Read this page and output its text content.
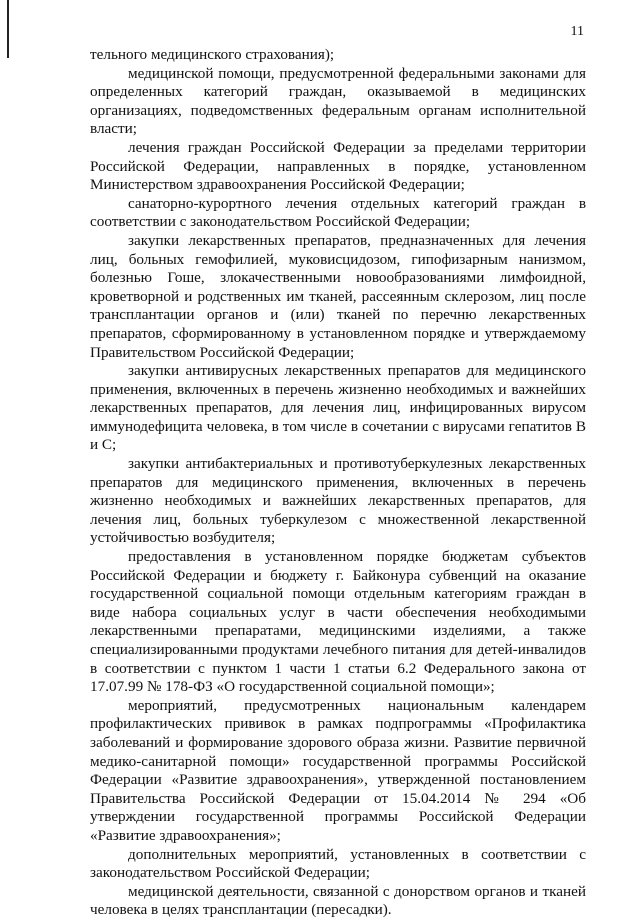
11

тельного медицинского страхования);

медицинской помощи, предусмотренной федеральными законами для определенных категорий граждан, оказываемой в медицинских организациях, подведомственных федеральным органам исполнительной власти;

лечения граждан Российской Федерации за пределами территории Российской Федерации, направленных в порядке, установленном Министерством здравоохранения Российской Федерации;

санаторно-курортного лечения отдельных категорий граждан в соответствии с законодательством Российской Федерации;

закупки лекарственных препаратов, предназначенных для лечения лиц, больных гемофилией, муковисцидозом, гипофизарным нанизмом, болезнью Гоше, злокачественными новообразованиями лимфоидной, кроветворной и родственных им тканей, рассеянным склерозом, лиц после трансплантации органов и (или) тканей по перечню лекарственных препаратов, сформированному в установленном порядке и утверждаемому Правительством Российской Федерации;

закупки антивирусных лекарственных препаратов для медицинского применения, включенных в перечень жизненно необходимых и важнейших лекарственных препаратов, для лечения лиц, инфицированных вирусом иммунодефицита человека, в том числе в сочетании с вирусами гепатитов В и С;

закупки антибактериальных и противотуберкулезных лекарственных препаратов для медицинского применения, включенных в перечень жизненно необходимых и важнейших лекарственных препаратов, для лечения лиц, больных туберкулезом с множественной лекарственной устойчивостью возбудителя;

предоставления в установленном порядке бюджетам субъектов Российской Федерации и бюджету г. Байконура субвенций на оказание государственной социальной помощи отдельным категориям граждан в виде набора социальных услуг в части обеспечения необходимыми лекарственными препаратами, медицинскими изделиями, а также специализированными продуктами лечебного питания для детей-инвалидов в соответствии с пунктом 1 части 1 статьи 6.2 Федерального закона от 17.07.99 № 178-ФЗ «О государственной социальной помощи»;

мероприятий, предусмотренных национальным календарем профилактических прививок в рамках подпрограммы «Профилактика заболеваний и формирование здорового образа жизни. Развитие первичной медико-санитарной помощи» государственной программы Российской Федерации «Развитие здравоохранения», утвержденной постановлением Правительства Российской Федерации от 15.04.2014 № 294 «Об утверждении государственной программы Российской Федерации «Развитие здравоохранения»;

дополнительных мероприятий, установленных в соответствии с законодательством Российской Федерации;

медицинской деятельности, связанной с донорством органов и тканей человека в целях трансплантации (пересадки).
